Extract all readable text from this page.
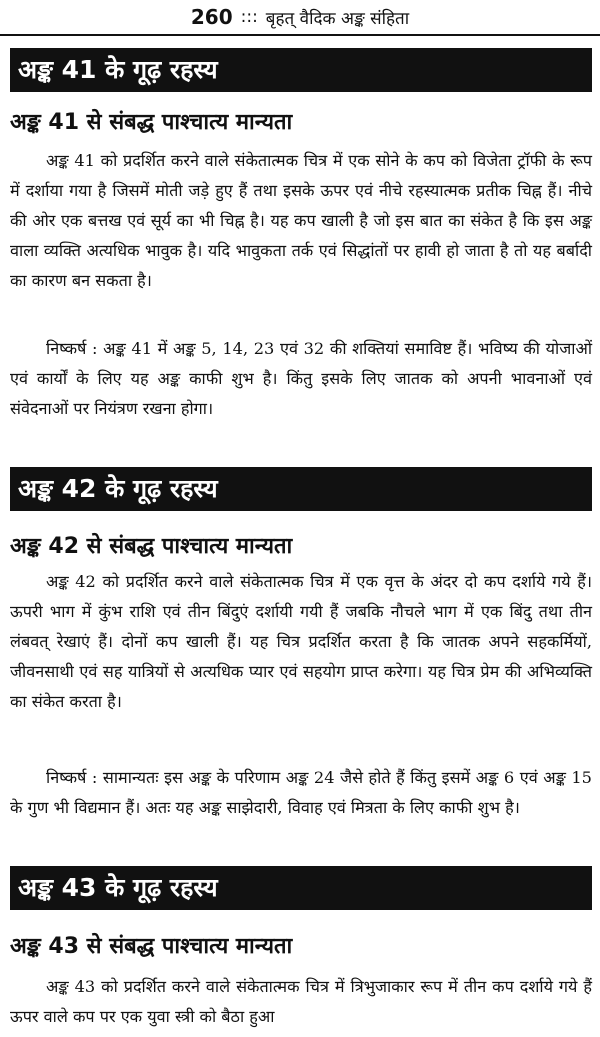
260 ::: बृहत् वैदिक अङ्क संहिता
अङ्क 41 के गूढ़ रहस्य
अङ्क 41 से संबद्ध पाश्चात्य मान्यता

अङ्क 41 को प्रदर्शित करने वाले संकेतात्मक चित्र में एक सोने के कप को विजेता ट्रॉफी के रूप में दर्शाया गया है जिसमें मोती जड़े हुए हैं तथा इसके ऊपर एवं नीचे रहस्यात्मक प्रतीक चिह्न हैं। नीचे की ओर एक बत्तख एवं सूर्य का भी चिह्न है। यह कप खाली है जो इस बात का संकेत है कि इस अङ्क वाला व्यक्ति अत्यधिक भावुक है। यदि भावुकता तर्क एवं सिद्धांतों पर हावी हो जाता है तो यह बर्बादी का कारण बन सकता है।

निष्कर्ष : अङ्क 41 में अङ्क 5, 14, 23 एवं 32 की शक्तियां समाविष्ट हैं। भविष्य की योजाओं एवं कार्यों के लिए यह अङ्क काफी शुभ है। किंतु इसके लिए जातक को अपनी भावनाओं एवं संवेदनाओं पर नियंत्रण रखना होगा।

अङ्क 42 के गूढ़ रहस्य
अङ्क 42 से संबद्ध पाश्चात्य मान्यता

अङ्क 42 को प्रदर्शित करने वाले संकेतात्मक चित्र में एक वृत्त के अंदर दो कप दर्शाये गये हैं। ऊपरी भाग में कुंभ राशि एवं तीन बिंदुएं दर्शायी गयी हैं जबकि नौचले भाग में एक बिंदु तथा तीन लंबवत् रेखाएं हैं। दोनों कप खाली हैं। यह चित्र प्रदर्शित करता है कि जातक अपने सहकर्मियों, जीवनसाथी एवं सह यात्रियों से अत्यधिक प्यार एवं सहयोग प्राप्त करेगा। यह चित्र प्रेम की अभिव्यक्ति का संकेत करता है।

निष्कर्ष : सामान्यतः इस अङ्क के परिणाम अङ्क 24 जैसे होते हैं किंतु इसमें अङ्क 6 एवं अङ्क 15 के गुण भी विद्यमान हैं। अतः यह अङ्क साझेदारी, विवाह एवं मित्रता के लिए काफी शुभ है।

अङ्क 43 के गूढ़ रहस्य
अङ्क 43 से संबद्ध पाश्चात्य मान्यता

अङ्क 43 को प्रदर्शित करने वाले संकेतात्मक चित्र में त्रिभुजाकार रूप में तीन कप दर्शाये गये हैं ऊपर वाले कप पर एक युवा स्त्री को बैठा हुआ
